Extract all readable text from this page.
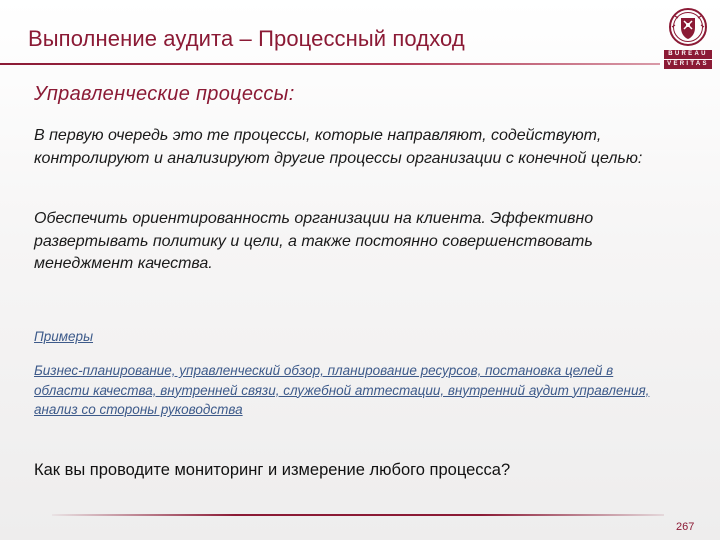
Выполнение аудита – Процессный подход
BUREAU
VERITAS
Управленческие процессы:
В первую очередь это те процессы, которые направляют, содействуют, контролируют и анализируют другие процессы организации с конечной целью:
Обеспечить ориентированность организации на клиента. Эффективно развертывать политику и цели, а также постоянно совершенствовать менеджмент качества.
Примеры
Бизнес-планирование, управленческий обзор, планирование ресурсов, постановка целей в области качества, внутренней связи, служебной аттестации, внутренний аудит управления, анализ со стороны руководства
Как вы проводите мониторинг и измерение любого процесса?
267
